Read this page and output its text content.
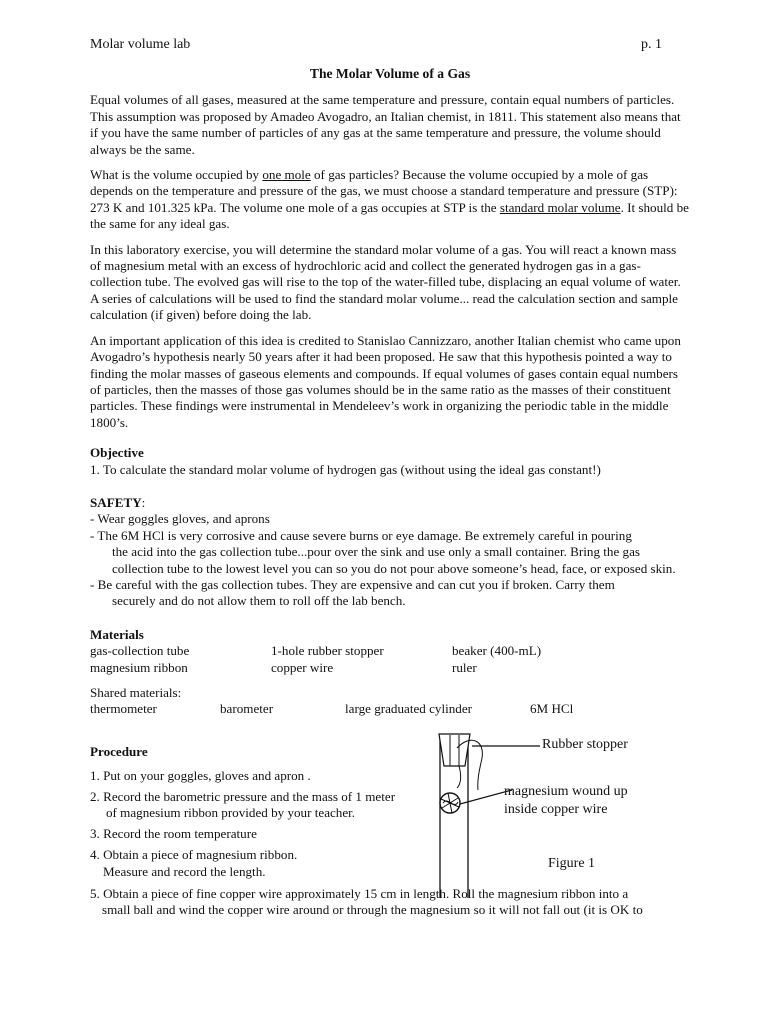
Molar volume lab	p. 1
The Molar Volume of a Gas

Equal volumes of all gases, measured at the same temperature and pressure, contain equal numbers of particles. This assumption was proposed by Amadeo Avogadro, an Italian chemist, in 1811. This statement also means that if you have the same number of particles of any gas at the same temperature and pressure, the volume should always be the same.

What is the volume occupied by one mole of gas particles? Because the volume occupied by a mole of gas depends on the temperature and pressure of the gas, we must choose a standard temperature and pressure (STP): 273 K and 101.325 kPa. The volume one mole of a gas occupies at STP is the standard molar volume. It should be the same for any ideal gas.

In this laboratory exercise, you will determine the standard molar volume of a gas. You will react a known mass of magnesium metal with an excess of hydrochloric acid and collect the generated hydrogen gas in a gas-collection tube. The evolved gas will rise to the top of the water-filled tube, displacing an equal volume of water. A series of calculations will be used to find the standard molar volume... read the calculation section and sample calculation (if given) before doing the lab.

An important application of this idea is credited to Stanislao Cannizzaro, another Italian chemist who came upon Avogadro’s hypothesis nearly 50 years after it had been proposed. He saw that this hypothesis pointed a way to finding the molar masses of gaseous elements and compounds. If equal volumes of gases contain equal numbers of particles, then the masses of those gas volumes should be in the same ratio as the masses of their constituent particles. These findings were instrumental in Mendeleev’s work in organizing the periodic table in the middle 1800’s.

Objective
1. To calculate the standard molar volume of hydrogen gas (without using the ideal gas constant!)
SAFETY:
- Wear goggles gloves, and aprons
- The 6M HCl is very corrosive and cause severe burns or eye damage. Be extremely careful in pouring
the acid into the gas collection tube...pour over the sink and use only a small container. Bring the gas collection tube to the lowest level you can so you do not pour above someone’s head, face, or exposed skin.
- Be careful with the gas collection tubes. They are expensive and can cut you if broken. Carry them
securely and do not allow them to roll off the lab bench.
Materials
gas-collection tube	1-hole rubber stopper	beaker (400-mL)
magnesium ribbon	copper wire	ruler
Shared materials:
thermometer	barometer	large graduated cylinder	6M HCl
Procedure
1. Put on your goggles, gloves and apron .
2. Record the barometric pressure and the mass of 1 meter
of magnesium ribbon provided by your teacher.
3. Record the room temperature
4. Obtain a piece of magnesium ribbon.
Measure and record the length.
Rubber stopper
magnesium wound up
inside copper wire
Figure 1
5. Obtain a piece of fine copper wire approximately 15 cm in length. Roll the magnesium ribbon into a
small ball and wind the copper wire around or through the magnesium so it will not fall out (it is OK to
